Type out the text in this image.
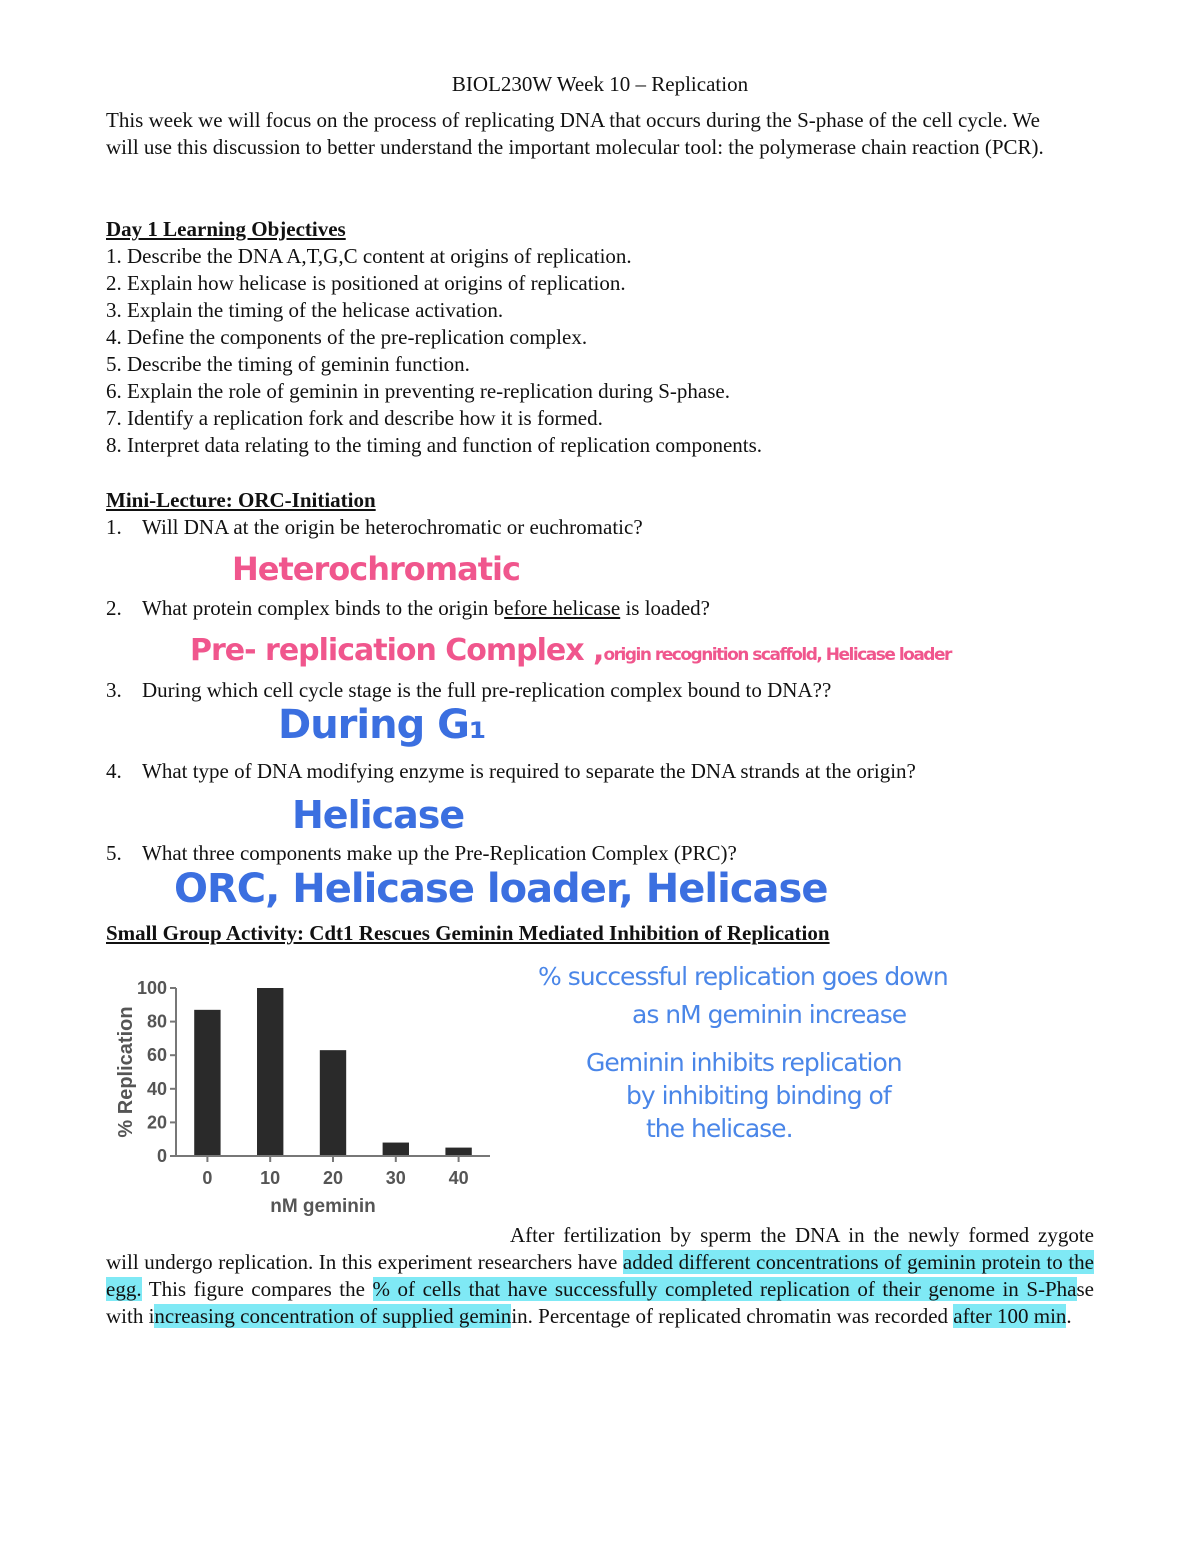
BIOL230W Week 10 – Replication
This week we will focus on the process of replicating DNA that occurs during the S-phase of the cell cycle. We will use this discussion to better understand the important molecular tool: the polymerase chain reaction (PCR).
Day 1 Learning Objectives
1. Describe the DNA A,T,G,C content at origins of replication.
2. Explain how helicase is positioned at origins of replication.
3. Explain the timing of the helicase activation.
4. Define the components of the pre-replication complex.
5. Describe the timing of geminin function.
6. Explain the role of geminin in preventing re-replication during S-phase.
7. Identify a replication fork and describe how it is formed.
8. Interpret data relating to the timing and function of replication components.
Mini-Lecture: ORC-Initiation
1. Will DNA at the origin be heterochromatic or euchromatic?
Heterochromatic
2. What protein complex binds to the origin before helicase is loaded?
Pre- replication Complex ,origin recognition scaffold, Helicase loader
3. During which cell cycle stage is the full pre-replication complex bound to DNA??
During G₁
4. What type of DNA modifying enzyme is required to separate the DNA strands at the origin?
Helicase
5. What three components make up the Pre-Replication Complex (PRC)?
ORC, Helicase loader, Helicase
Small Group Activity: Cdt1 Rescues Geminin Mediated Inhibition of Replication
0	10 20 30 40
0
20
40
60
80
100
nM geminin
% Replication
% successful replication goes down
as nM geminin increase
Geminin inhibits replication
by inhibiting binding of
the helicase.
After fertilization by sperm the DNA in the newly formed zygote will undergo replication. In this experiment researchers have added different concentrations of geminin protein to the egg. This figure compares the % of cells that have successfully completed replication of their genome in S-Phase with increasing concentration of supplied geminin. Percentage of replicated chromatin was recorded after 100 min.
